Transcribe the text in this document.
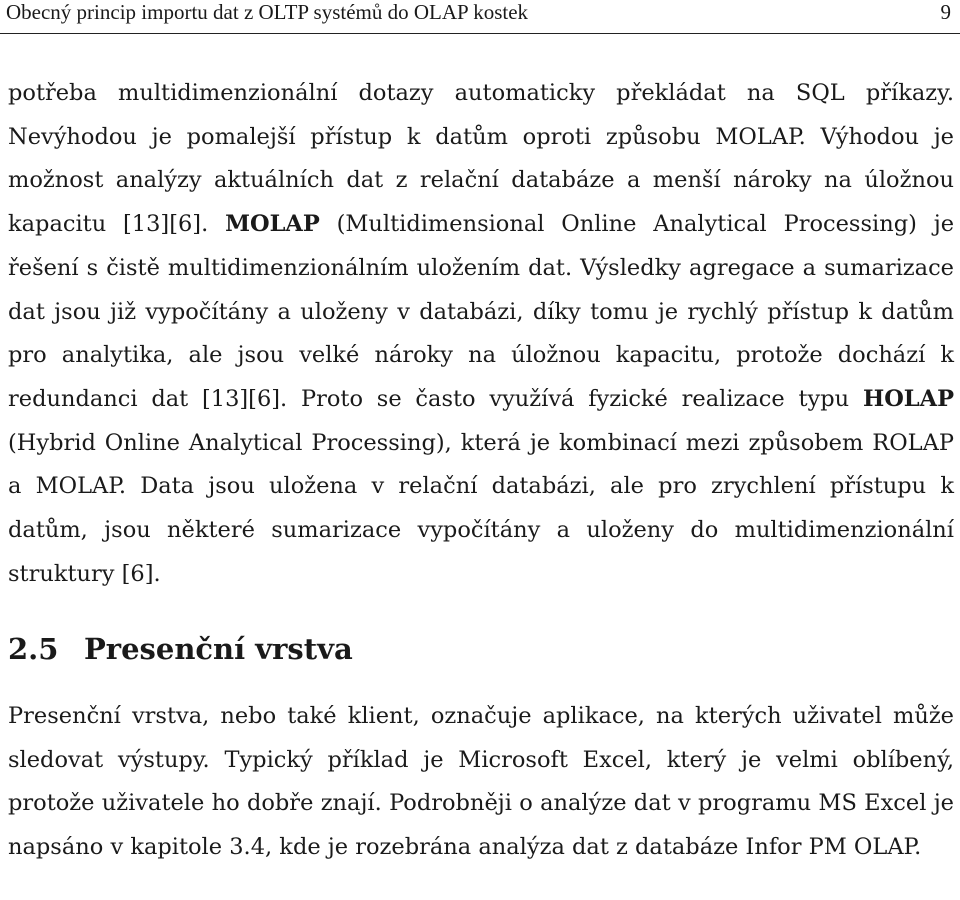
Obecný princip importu dat z OLTP systémů do OLAP kostek	9

potřeba multidimenzionální dotazy automaticky překládat na SQL příkazy. Nevýhodou je pomalejší přístup k datům oproti způsobu MOLAP. Výhodou je možnost analýzy aktuálních dat z relační databáze a menší nároky na úložnou kapacitu [13][6]. MOLAP (Multidimensional Online Analytical Processing) je řešení s čistě multidimenzionálním uložením dat. Výsledky agregace a sumarizace dat jsou již vypočítány a uloženy v databázi, díky tomu je rychlý přístup k datům pro analytika, ale jsou velké nároky na úložnou kapacitu, protože dochází k redundanci dat [13][6]. Proto se často využívá fyzické realizace typu HOLAP (Hybrid Online Analytical Processing), která je kombinací mezi způsobem ROLAP a MOLAP. Data jsou uložena v relační databázi, ale pro zrychlení přístupu k datům, jsou některé sumarizace vypočítány a uloženy do multidimenzionální struktury [6].

2.5 Presenční vrstva

Presenční vrstva, nebo také klient, označuje aplikace, na kterých uživatel může sledovat výstupy. Typický příklad je Microsoft Excel, který je velmi oblíbený, protože uživatele ho dobře znají. Podrobněji o analýze dat v programu MS Excel je napsáno v kapitole 3.4, kde je rozebrána analýza dat z databáze Infor PM OLAP.
